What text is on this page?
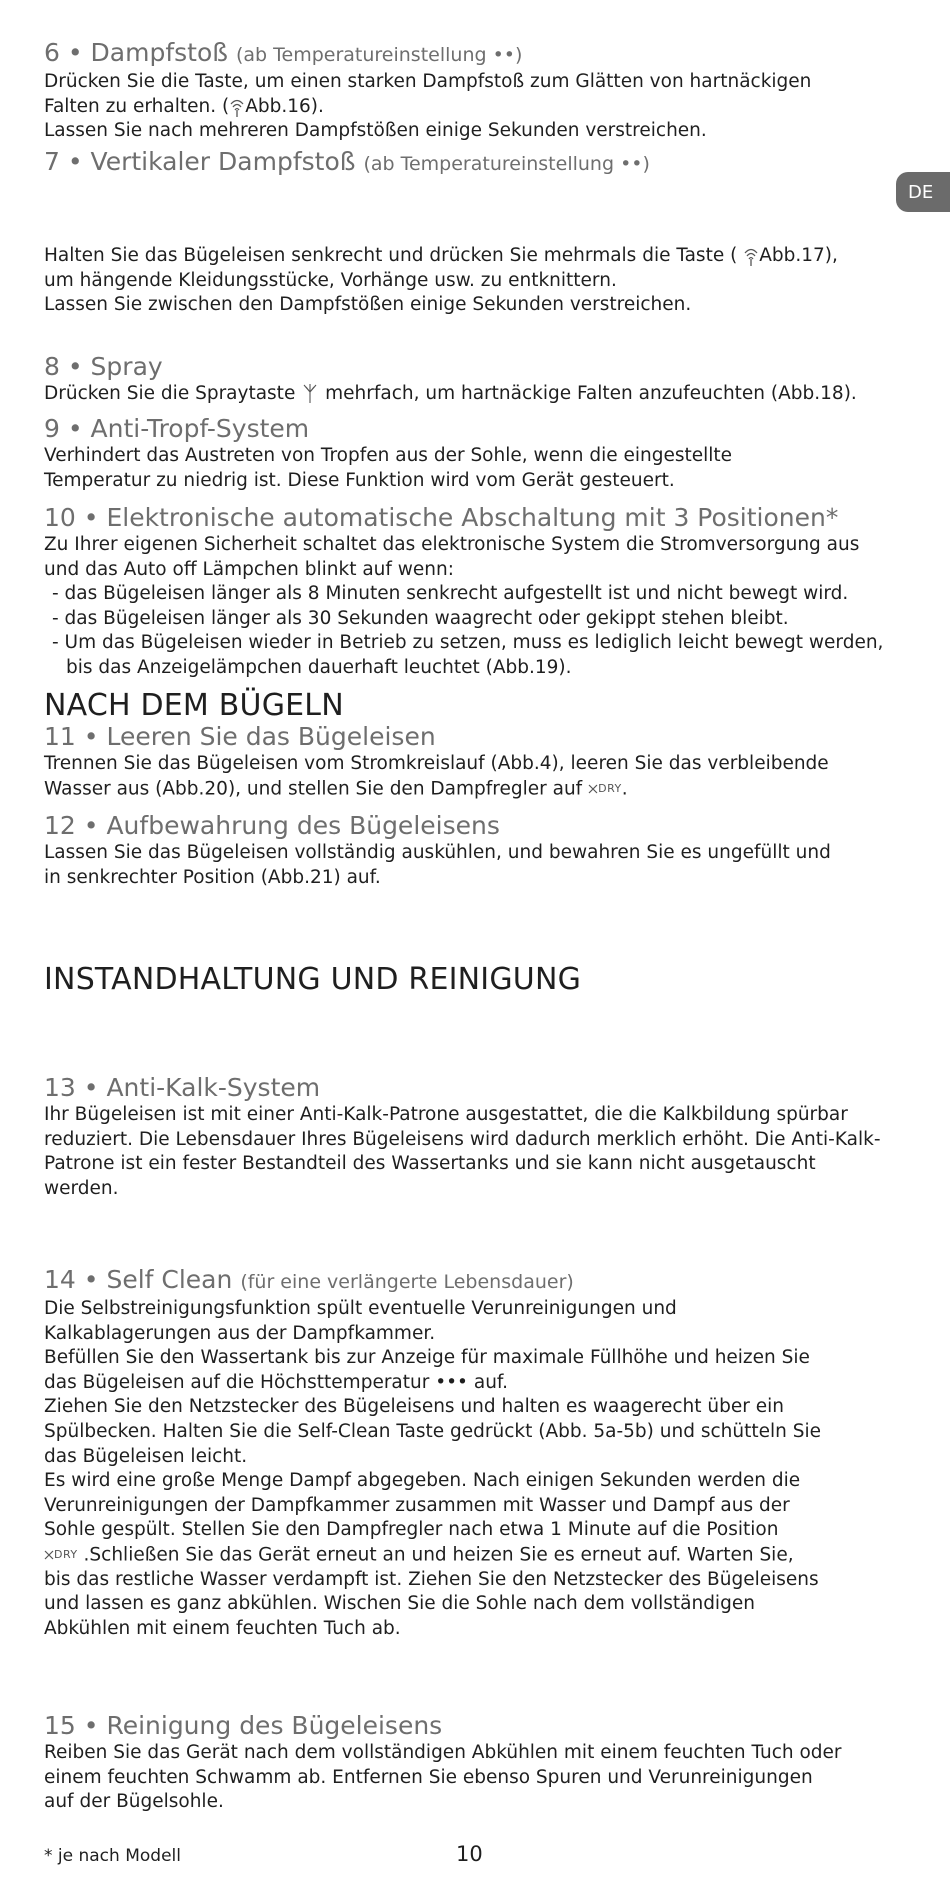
DE
6 • Dampfstoß (ab Temperatureinstellung ••)

Drücken Sie die Taste, um einen starken Dampfstoß zum Glätten von hartnäckigen

Falten zu erhalten. ( Abb.16).

Lassen Sie nach mehreren Dampfstößen einige Sekunden verstreichen.

7 • Vertikaler Dampfstoß (ab Temperatureinstellung ••)

Halten Sie das Bügeleisen senkrecht und drücken Sie mehrmals die Taste ( Abb.17),

um hängende Kleidungsstücke, Vorhänge usw. zu entknittern.

Lassen Sie zwischen den Dampfstößen einige Sekunden verstreichen.

8 • Spray

Drücken Sie die Spraytaste mehrfach, um hartnäckige Falten anzufeuchten (Abb.18).

9 • Anti-Tropf-System

Verhindert das Austreten von Tropfen aus der Sohle, wenn die eingestellte

Temperatur zu niedrig ist. Diese Funktion wird vom Gerät gesteuert.

10 • Elektronische automatische Abschaltung mit 3 Positionen*

Zu Ihrer eigenen Sicherheit schaltet das elektronische System die Stromversorgung aus

und das Auto off Lämpchen blinkt auf wenn:

- das Bügeleisen länger als 8 Minuten senkrecht aufgestellt ist und nicht bewegt wird.

- das Bügeleisen länger als 30 Sekunden waagrecht oder gekippt stehen bleibt.

- Um das Bügeleisen wieder in Betrieb zu setzen, muss es lediglich leicht bewegt werden,

bis das Anzeigelämpchen dauerhaft leuchtet (Abb.19).

NACH DEM BÜGELN
11 • Leeren Sie das Bügeleisen

Trennen Sie das Bügeleisen vom Stromkreislauf (Abb.4), leeren Sie das verbleibende

Wasser aus (Abb.20), und stellen Sie den Dampfregler auf DRY .

12 • Aufbewahrung des Bügeleisens

Lassen Sie das Bügeleisen vollständig auskühlen, und bewahren Sie es ungefüllt und

in senkrechter Position (Abb.21) auf.

INSTANDHALTUNG UND REINIGUNG
13 • Anti-Kalk-System

Ihr Bügeleisen ist mit einer Anti-Kalk-Patrone ausgestattet, die die Kalkbildung spürbar

reduziert. Die Lebensdauer Ihres Bügeleisens wird dadurch merklich erhöht. Die Anti-Kalk-

Patrone ist ein fester Bestandteil des Wassertanks und sie kann nicht ausgetauscht

werden.

14 • Self Clean (für eine verlängerte Lebensdauer)

Die Selbstreinigungsfunktion spült eventuelle Verunreinigungen und

Kalkablagerungen aus der Dampfkammer.

Befüllen Sie den Wassertank bis zur Anzeige für maximale Füllhöhe und heizen Sie

das Bügeleisen auf die Höchsttemperatur ••• auf.

Ziehen Sie den Netzstecker des Bügeleisens und halten es waagerecht über ein

Spülbecken. Halten Sie die Self-Clean Taste gedrückt (Abb. 5a-5b) und schütteln Sie

das Bügeleisen leicht.

Es wird eine große Menge Dampf abgegeben. Nach einigen Sekunden werden die

Verunreinigungen der Dampfkammer zusammen mit Wasser und Dampf aus der

Sohle gespült. Stellen Sie den Dampfregler nach etwa 1 Minute auf die Position

DRY .Schließen Sie das Gerät erneut an und heizen Sie es erneut auf. Warten Sie,

bis das restliche Wasser verdampft ist. Ziehen Sie den Netzstecker des Bügeleisens

und lassen es ganz abkühlen. Wischen Sie die Sohle nach dem vollständigen

Abkühlen mit einem feuchten Tuch ab.

15 • Reinigung des Bügeleisens

Reiben Sie das Gerät nach dem vollständigen Abkühlen mit einem feuchten Tuch oder

einem feuchten Schwamm ab. Entfernen Sie ebenso Spuren und Verunreinigungen

auf der Bügelsohle.

* je nach Modell	10
